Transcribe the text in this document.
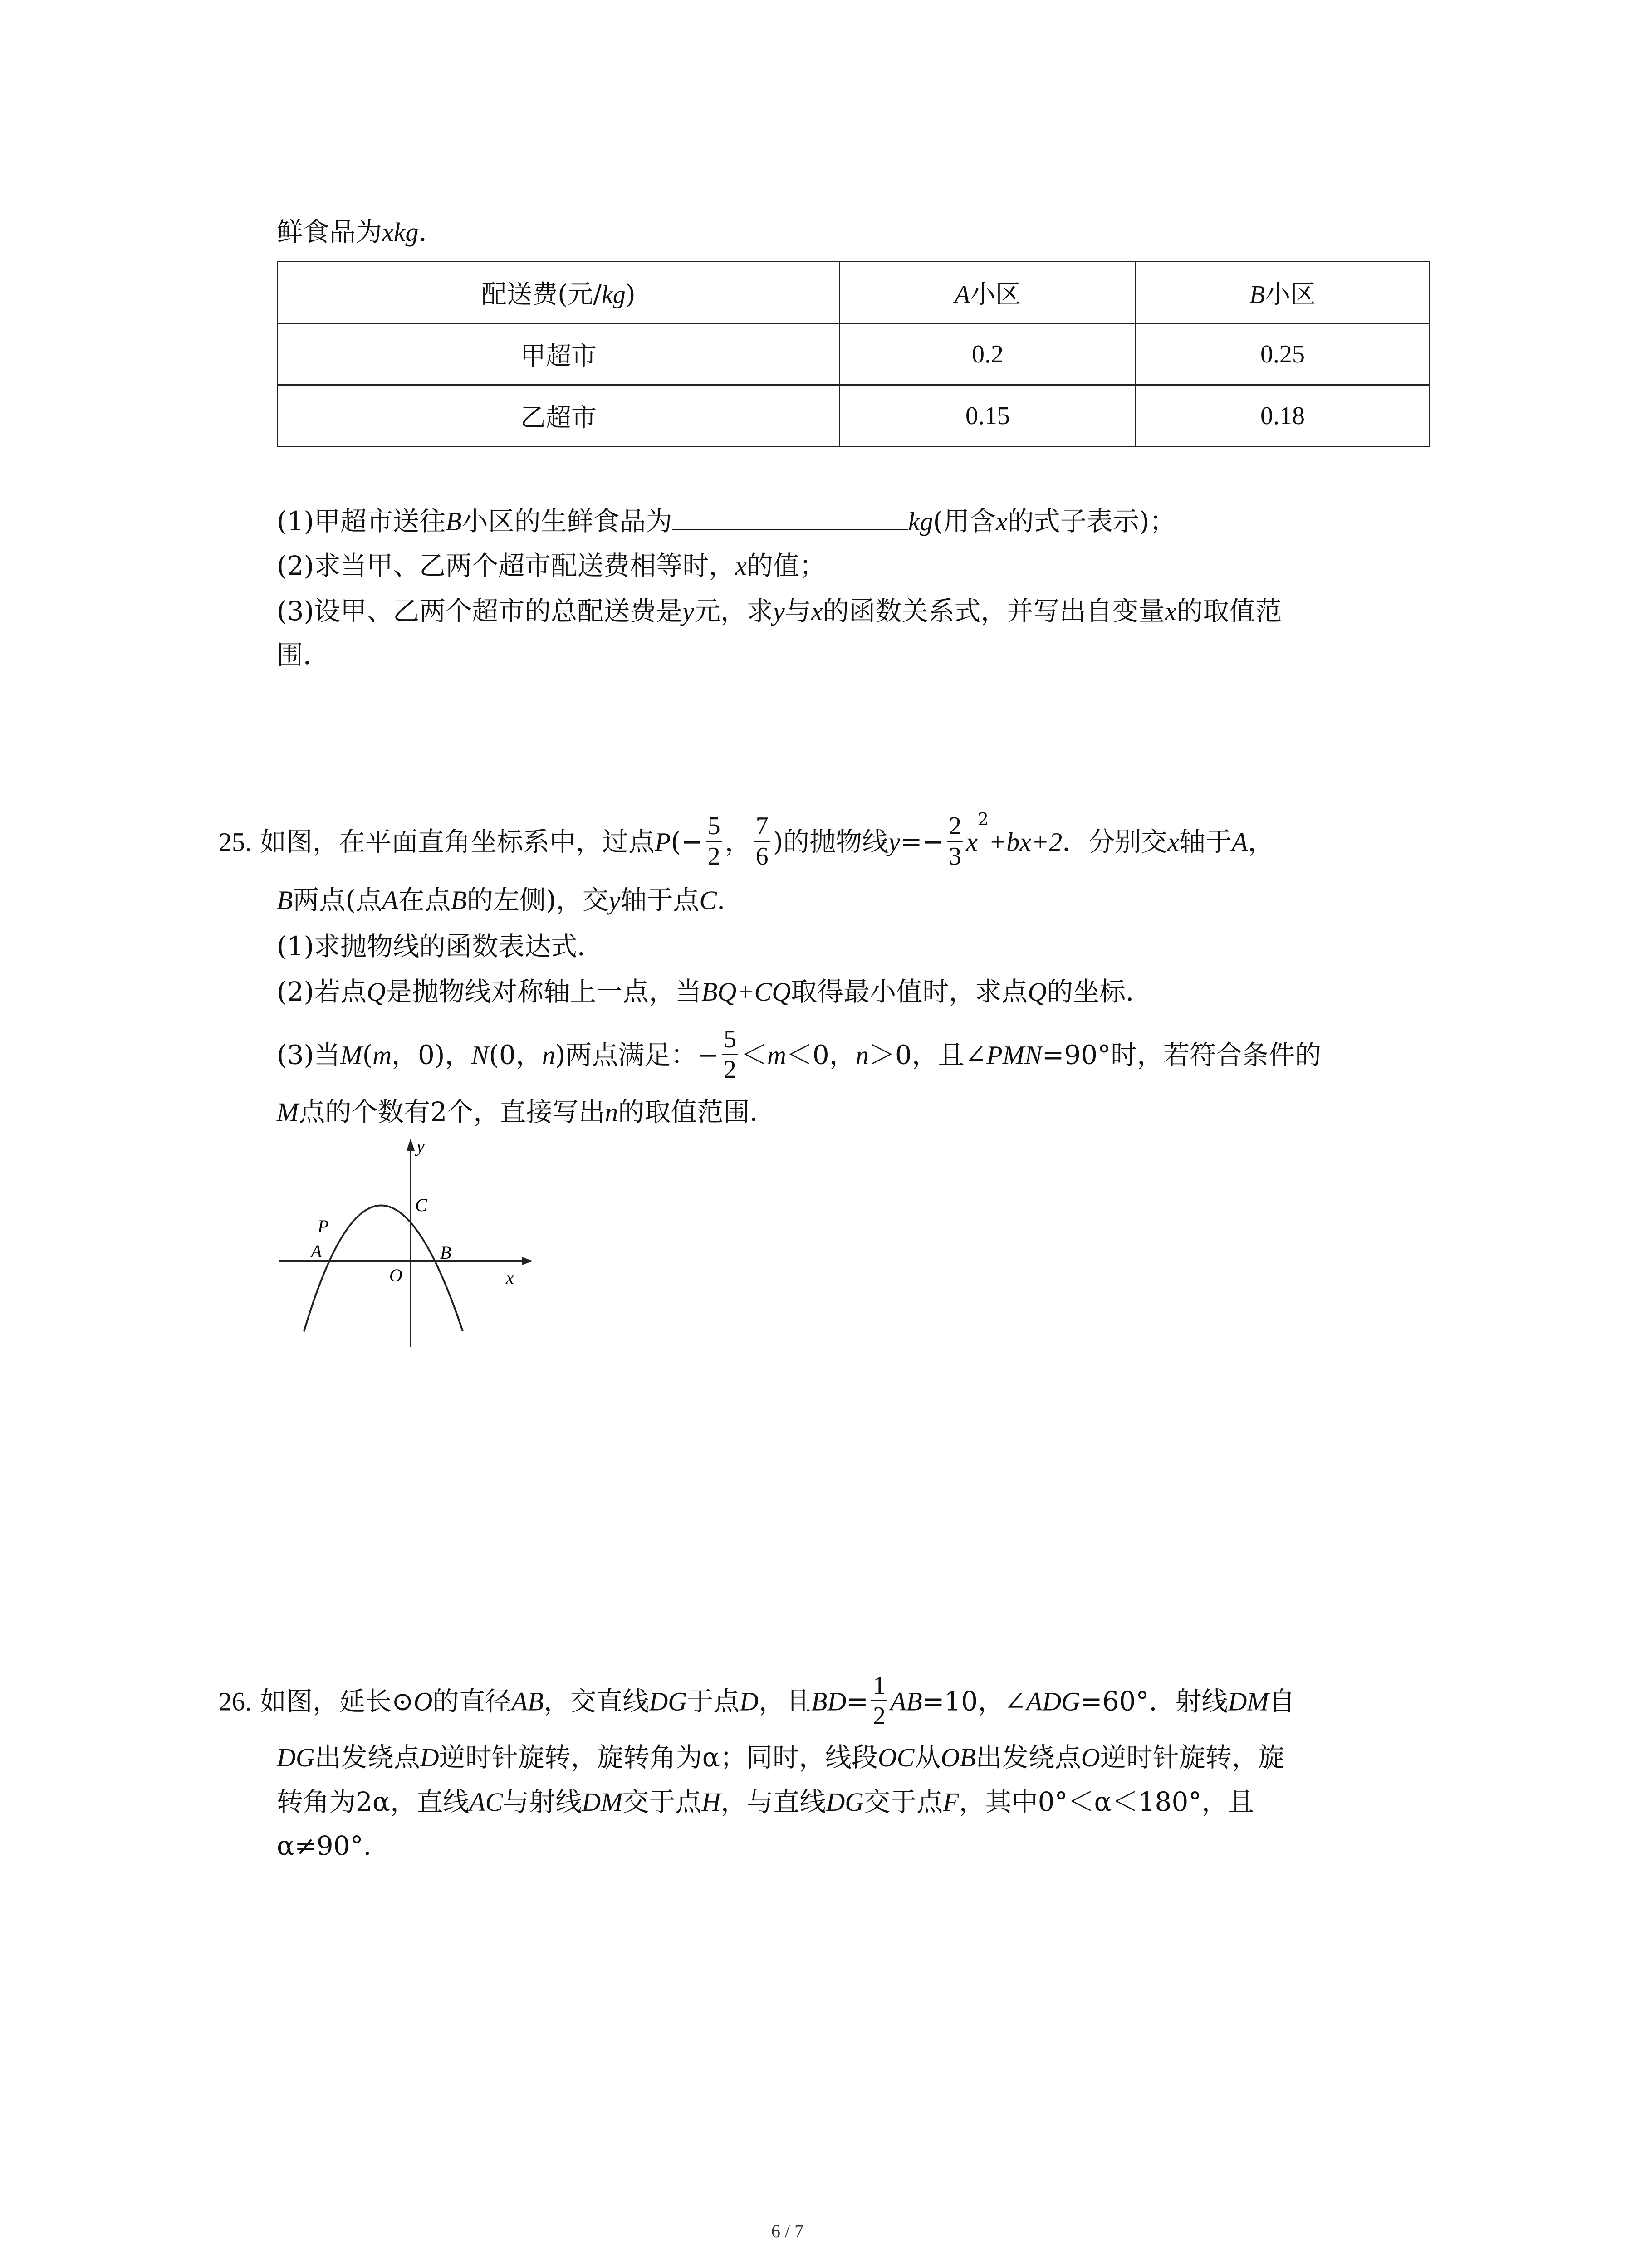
鲜食品为xkg．
配送费(元/kg)	A小区	B小区
甲超市	0.2	0.25
乙超市	0.15	0.18
(1)甲超市送往B小区的生鲜食品为	kg(用含x的式子表示)；
(2)求当甲、乙两个超市配送费相等时，x的值；
(3)设甲、乙两个超市的总配送费是y元，求y与x的函数关系式，并写出自变量x的取值范
围．
25. 如图，在平面直角坐标系中，过点$P(- \frac{5}{2}$ ， $\frac{7}{6}$ )的抛物线$y=- \frac{2}{3} x^2+bx+2$．分别交x轴于A，
B两点(点A在点B的左侧)，交y轴于点C．
(1)求抛物线的函数表达式．
(2)若点Q是抛物线对称轴上一点，当BQ+CQ取得最小值时，求点Q的坐标．
(3)当M(m，0)，N(0，n)两点满足：− $\frac{5}{2} <m<0$，n＞0，且∠PMN=90°时，若符合条件的
M点的个数有2个，直接写出n的取值范围．
y
x
C
P
A	B
O
26. 如图，延长⊙O的直径AB，交直线DG于点D，且$BD= \frac{1}{2} AB=10$，∠ADG=60°．射线DM自
DG出发绕点D逆时针旋转，旋转角为α；同时，线段OC从OB出发绕点O逆时针旋转，旋
转角为2α，直线AC与射线DM交于点H，与直线DG交于点F，其中0°＜α＜180°，且
α≠90°．
6 / 7
